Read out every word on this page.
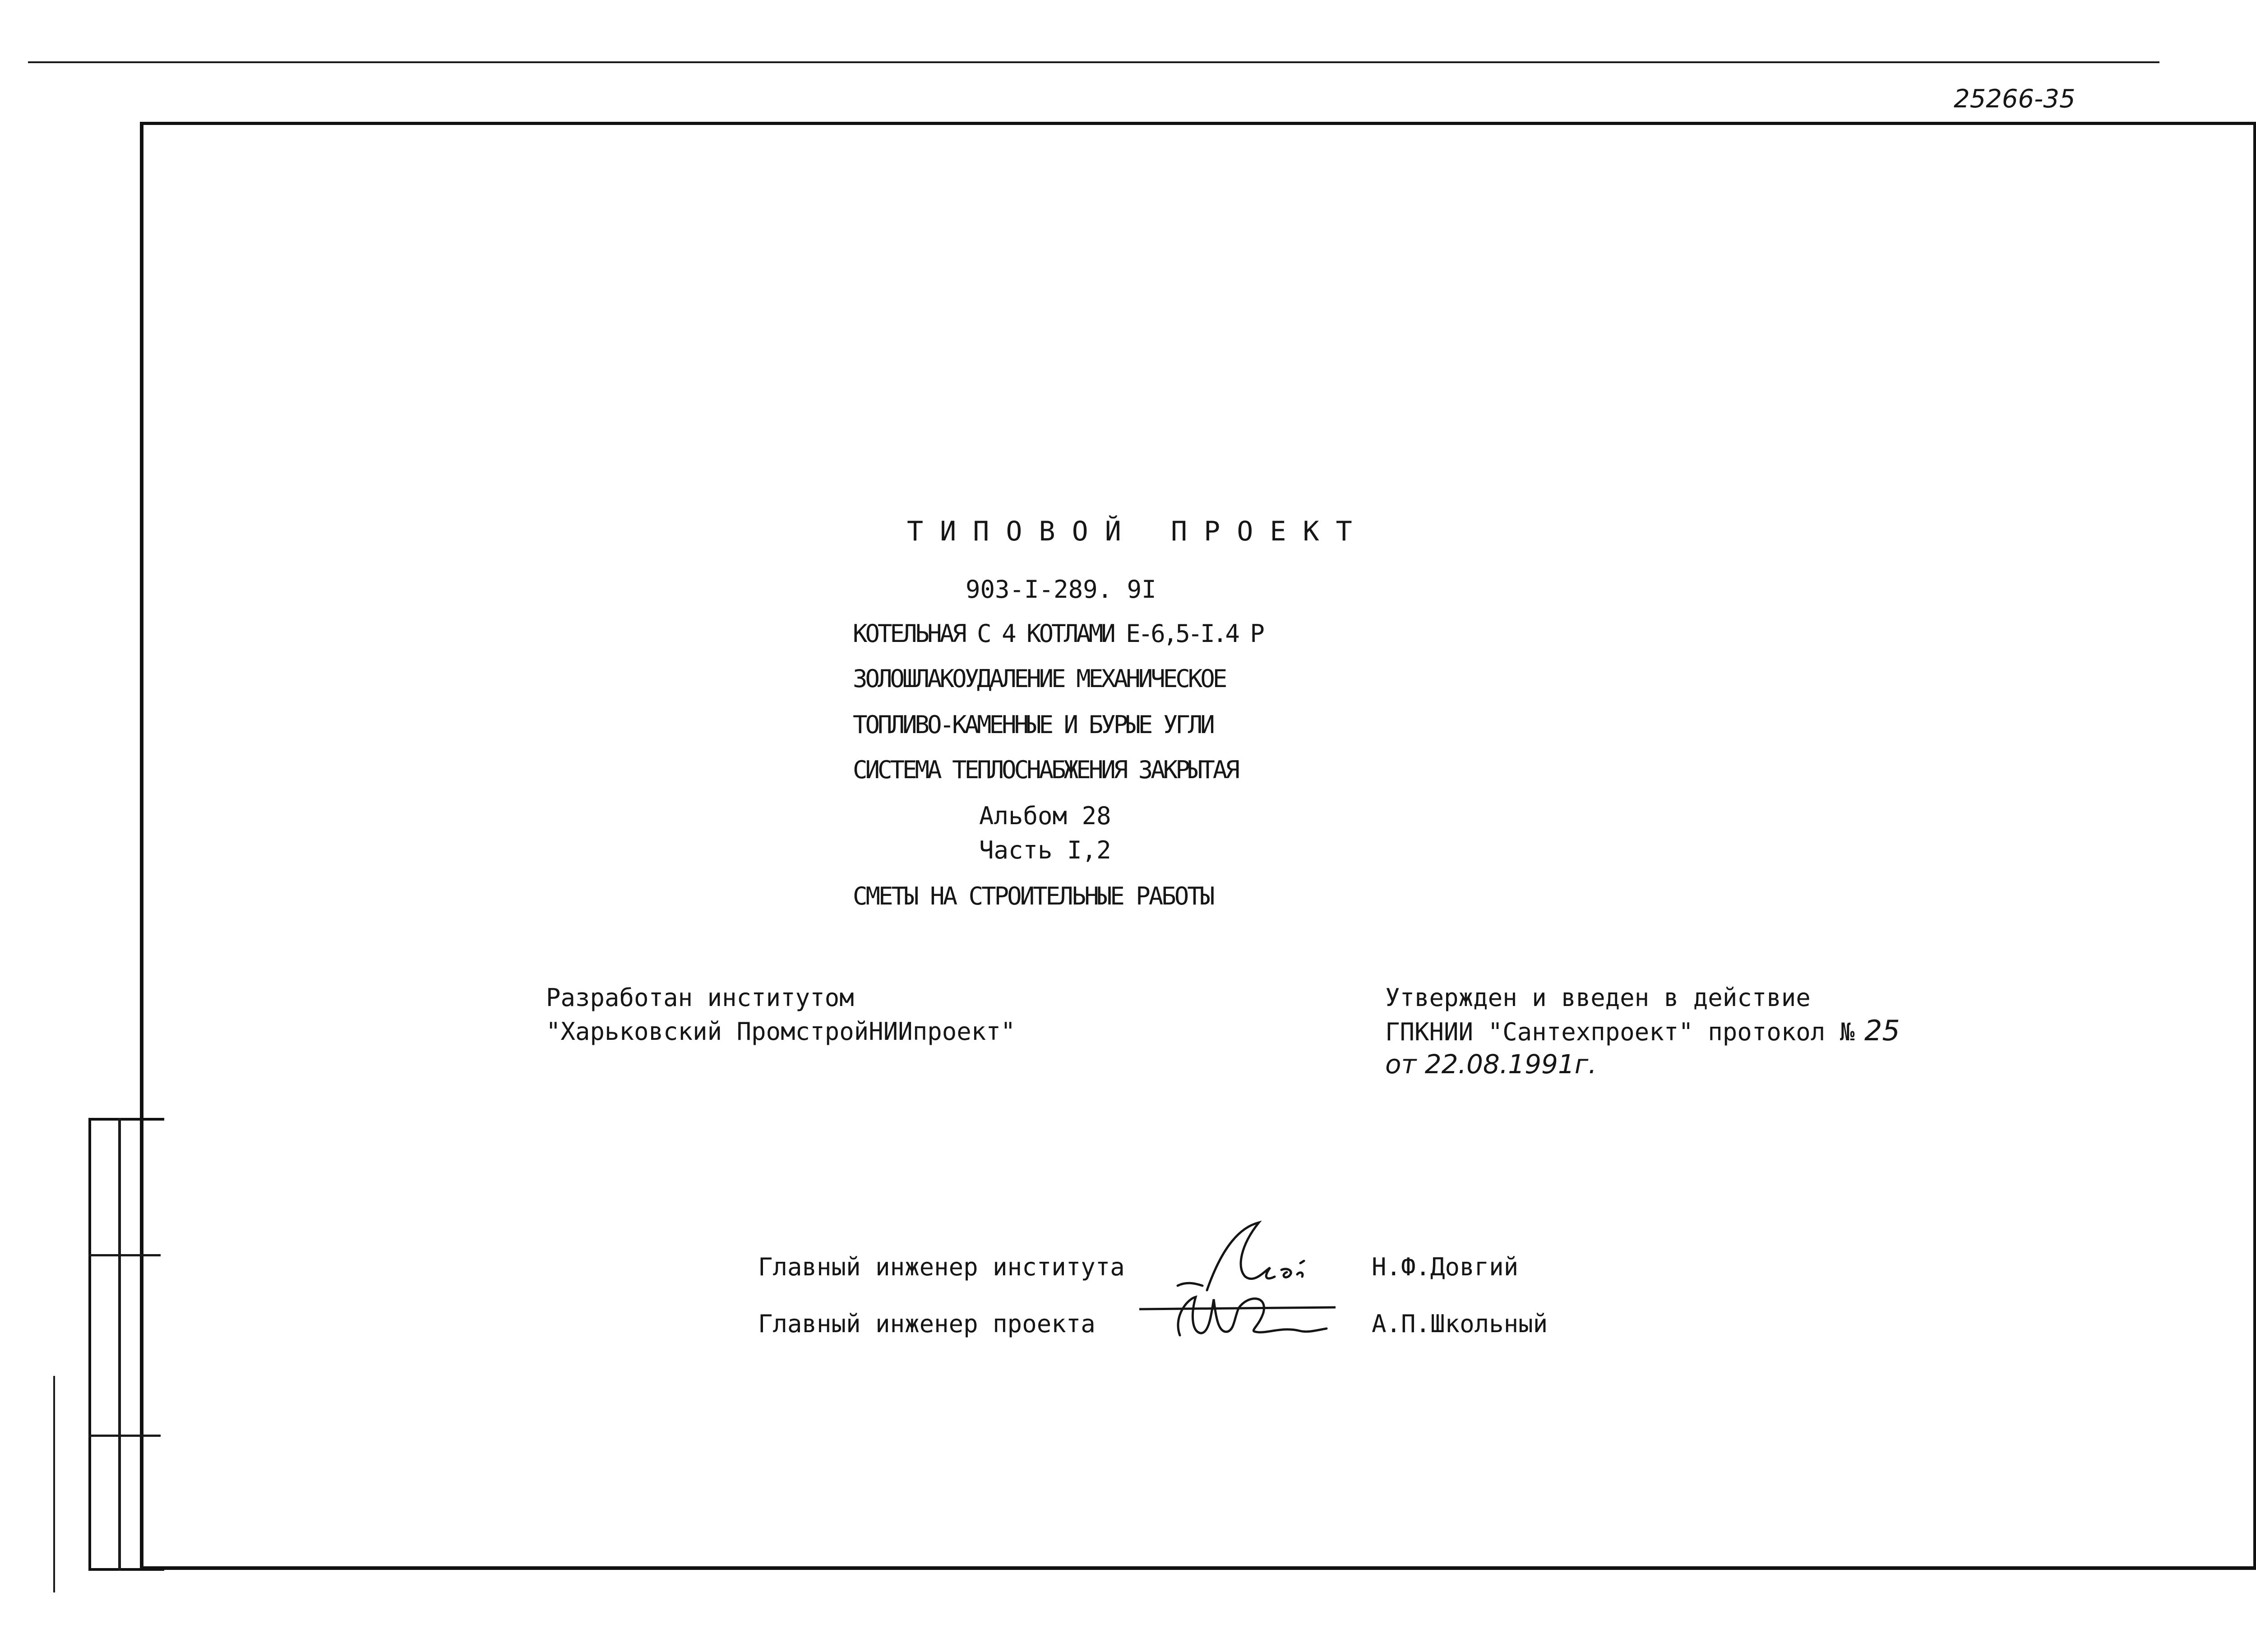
25266-35
ТИПОВОЙ ПРОЕКТ
903-I-289. 9I
КОТЕЛЬНАЯ С 4 КОТЛАМИ Е-6,5-I.4 Р
ЗОЛОШЛАКОУДАЛЕНИЕ МЕХАНИЧЕСКОЕ
ТОПЛИВО-КАМЕННЫЕ И БУРЫЕ УГЛИ
СИСТЕМА ТЕПЛОСНАБЖЕНИЯ ЗАКРЫТАЯ
Альбом 28
Часть I,2
СМЕТЫ НА СТРОИТЕЛЬНЫЕ РАБОТЫ
Разработан институтом
"Харьковский ПромстройНИИпроект"
Утвержден и введен в действие
ГПКНИИ "Сантехпроект" протокол № 25
от 22.08.1991г.
Главный инженер института	Н.Ф.Довгий
Главный инженер проекта	А.П.Школьный
